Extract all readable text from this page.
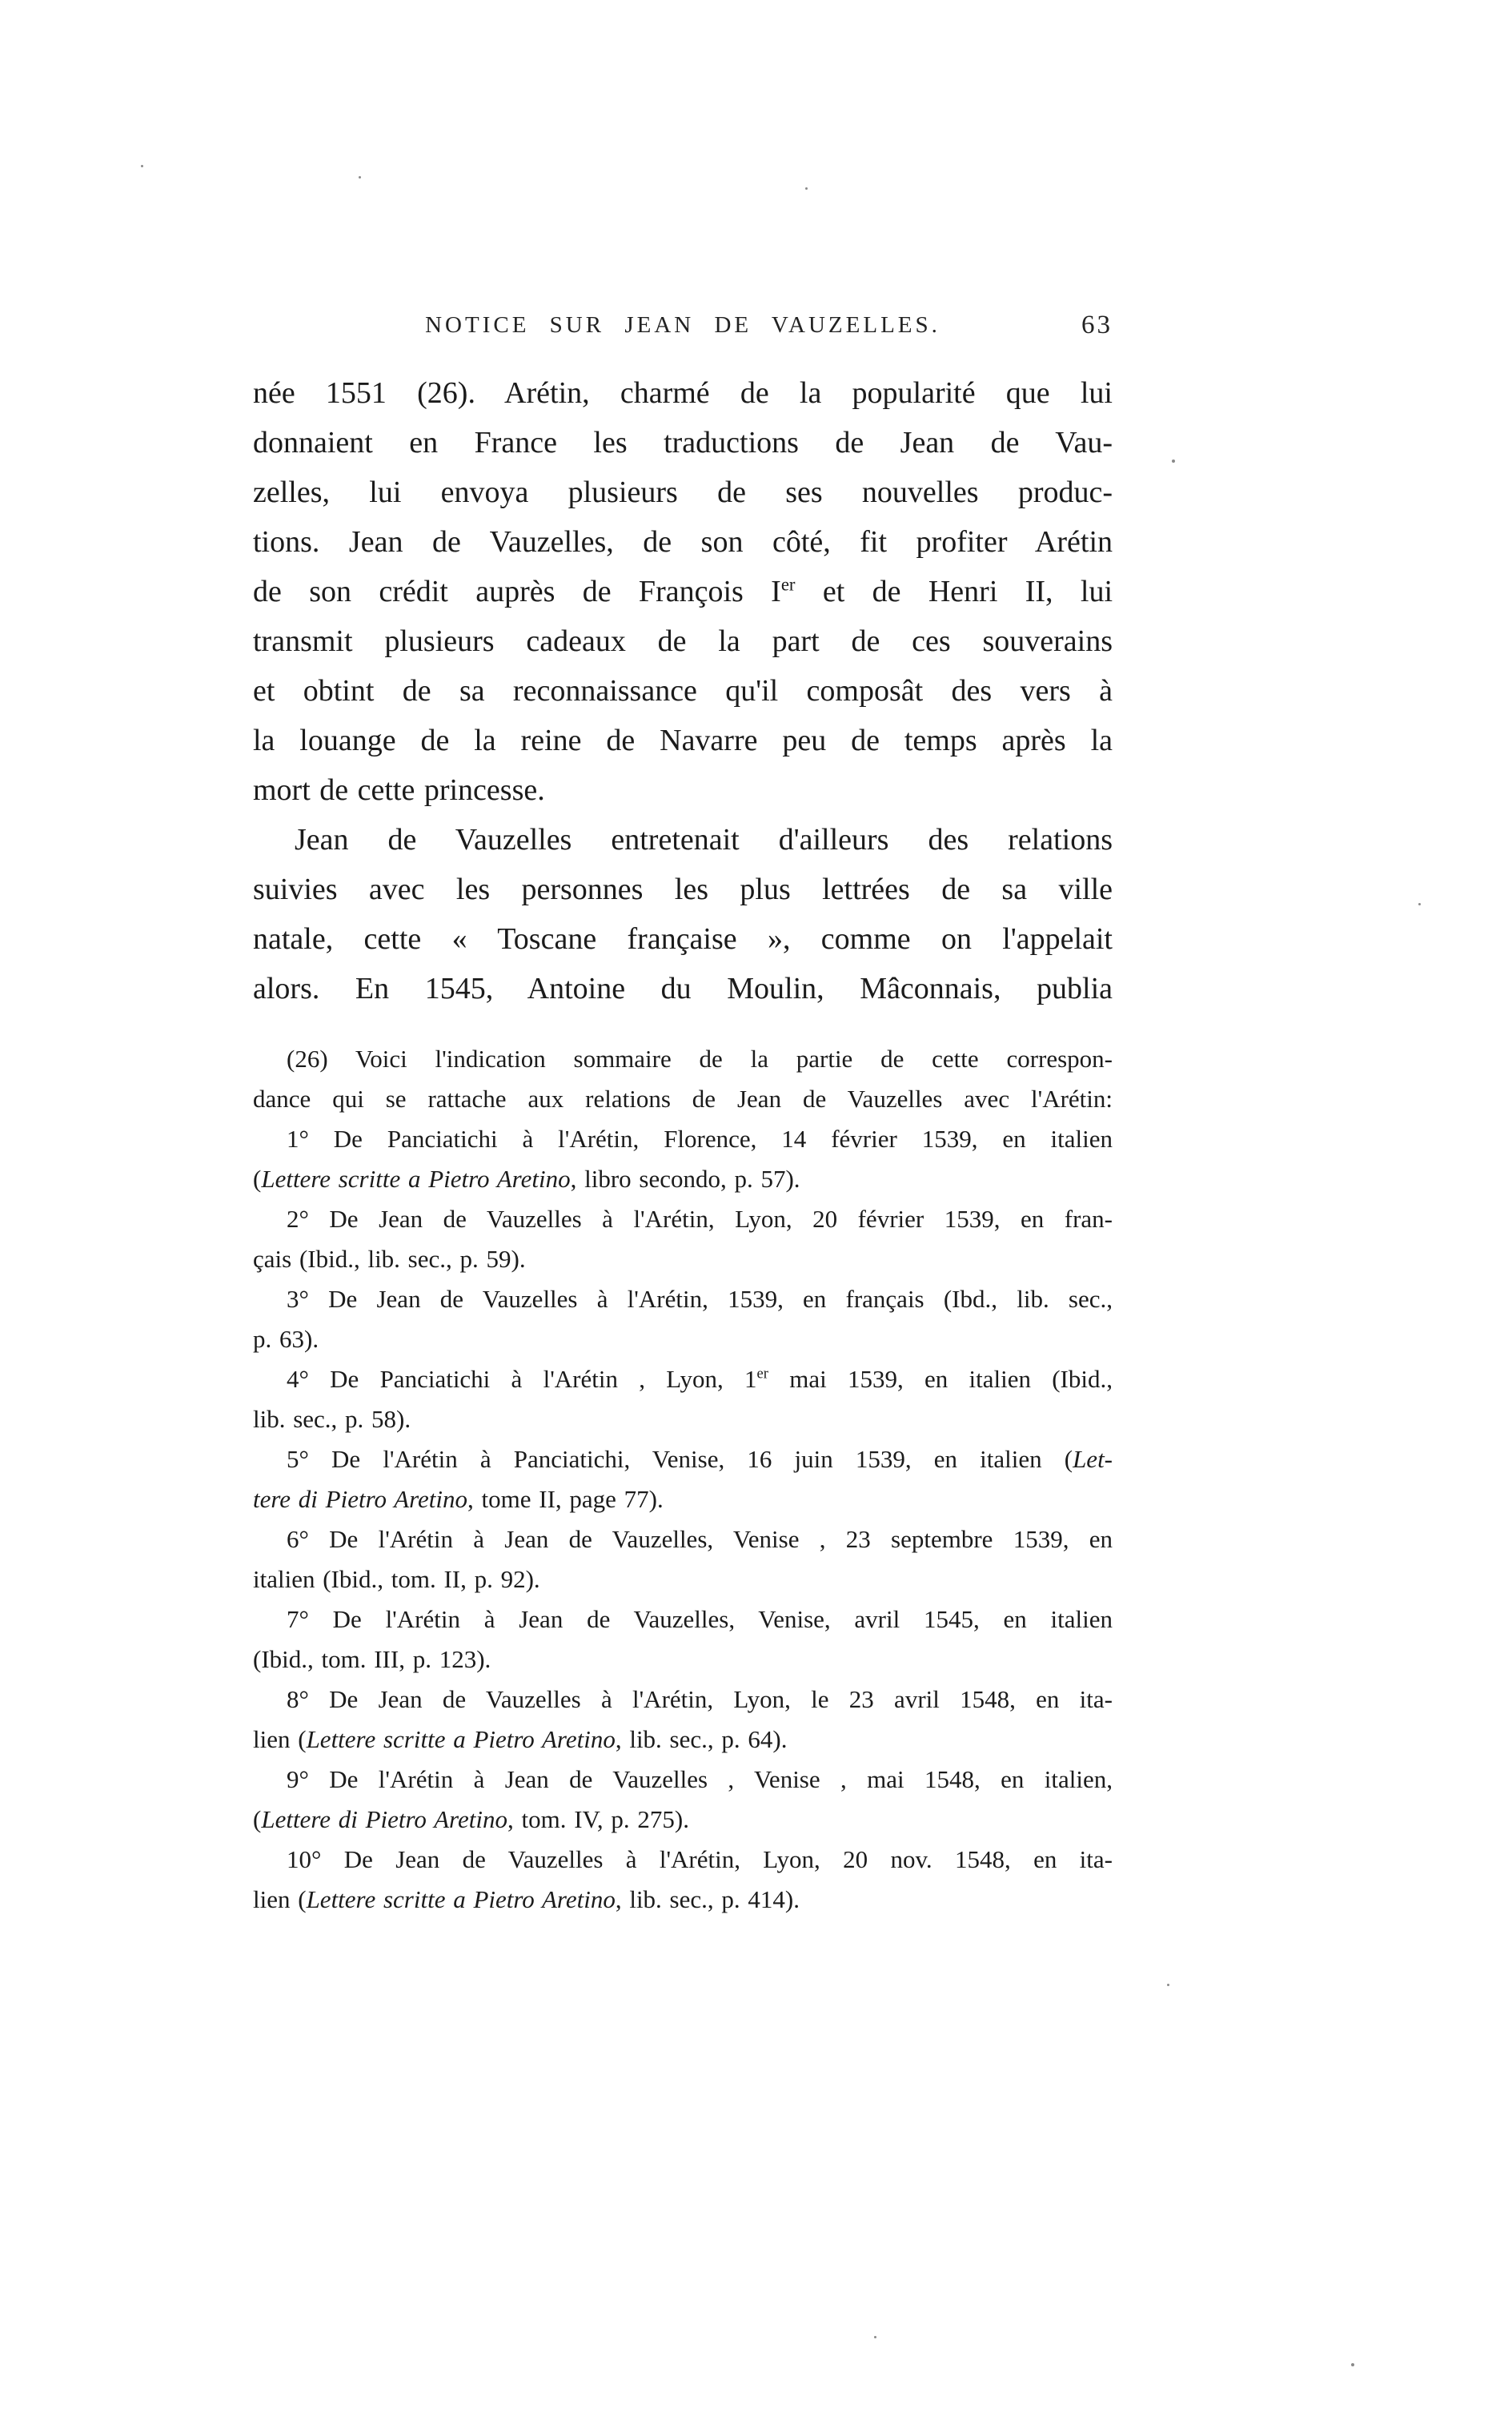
NOTICE SUR JEAN DE VAUZELLES.	63
née 1551 (26). Arétin, charmé de la popularité que lui
donnaient en France les traductions de Jean de Vau-
zelles, lui envoya plusieurs de ses nouvelles produc-
tions. Jean de Vauzelles, de son côté, fit profiter Arétin
de son crédit auprès de François Ier et de Henri II, lui
transmit plusieurs cadeaux de la part de ces souverains
et obtint de sa reconnaissance qu'il composât des vers à
la louange de la reine de Navarre peu de temps après la
mort de cette princesse.
Jean de Vauzelles entretenait d'ailleurs des relations
suivies avec les personnes les plus lettrées de sa ville
natale, cette « Toscane française », comme on l'appelait
alors. En 1545, Antoine du Moulin, Mâconnais, publia
(26) Voici l'indication sommaire de la partie de cette correspon-
dance qui se rattache aux relations de Jean de Vauzelles avec l'Arétin:
1° De Panciatichi à l'Arétin, Florence, 14 février 1539, en italien
(Lettere scritte a Pietro Aretino, libro secondo, p. 57).
2° De Jean de Vauzelles à l'Arétin, Lyon, 20 février 1539, en fran-
çais (Ibid., lib. sec., p. 59).
3° De Jean de Vauzelles à l'Arétin, 1539, en français (Ibd., lib. sec.,
p. 63).
4° De Panciatichi à l'Arétin , Lyon, 1er mai 1539, en italien (Ibid.,
lib. sec., p. 58).
5° De l'Arétin à Panciatichi, Venise, 16 juin 1539, en italien (Let-
tere di Pietro Aretino, tome II, page 77).
6° De l'Arétin à Jean de Vauzelles, Venise , 23 septembre 1539, en
italien (Ibid., tom. II, p. 92).
7° De l'Arétin à Jean de Vauzelles, Venise, avril 1545, en italien
(Ibid., tom. III, p. 123).
8° De Jean de Vauzelles à l'Arétin, Lyon, le 23 avril 1548, en ita-
lien (Lettere scritte a Pietro Aretino, lib. sec., p. 64).
9° De l'Arétin à Jean de Vauzelles , Venise , mai 1548, en italien,
(Lettere di Pietro Aretino, tom. IV, p. 275).
10° De Jean de Vauzelles à l'Arétin, Lyon, 20 nov. 1548, en ita-
lien (Lettere scritte a Pietro Aretino, lib. sec., p. 414).
